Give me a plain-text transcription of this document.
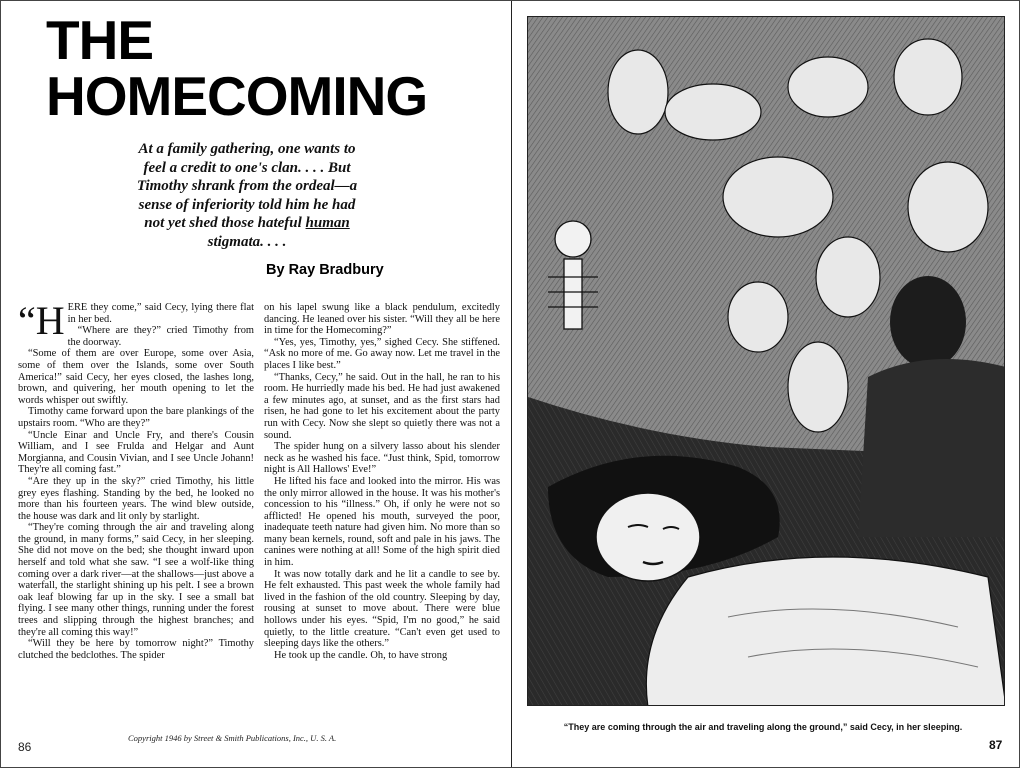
THE
HOMECOMING
At a family gathering, one wants to
feel a credit to one's clan. . . . But
Timothy shrank from the ordeal—a
sense of inferiority told him he had
not yet shed those hateful human
stigmata. . . .
By Ray Bradbury

“HERE they come,” said Cecy, lying there flat in her bed.

“Where are they?” cried Timothy from the doorway.

“Some of them are over Europe, some over Asia, some of them over the Islands, some over South America!” said Cecy, her eyes closed, the lashes long, brown, and quivering, her mouth opening to let the words whisper out swiftly.

Timothy came forward upon the bare plankings of the upstairs room. “Who are they?”

“Uncle Einar and Uncle Fry, and there's Cousin William, and I see Frulda and Helgar and Aunt Morgianna, and Cousin Vivian, and I see Uncle Johann! They're all coming fast.”

“Are they up in the sky?” cried Timothy, his little grey eyes flashing. Standing by the bed, he looked no more than his fourteen years. The wind blew outside, the house was dark and lit only by starlight.

“They're coming through the air and traveling along the ground, in many forms,” said Cecy, in her sleeping. She did not move on the bed; she thought inward upon herself and told what she saw. “I see a wolf-like thing coming over a dark river—at the shallows—just above a waterfall, the starlight shining up his pelt. I see a brown oak leaf blowing far up in the sky. I see a small bat flying. I see many other things, running under the forest trees and slipping through the highest branches; and they're all coming this way!”

“Will they be here by tomorrow night?” Timothy clutched the bedclothes. The spider

on his lapel swung like a black pendulum, excitedly dancing. He leaned over his sister. “Will they all be here in time for the Homecoming?”

“Yes, yes, Timothy, yes,” sighed Cecy. She stiffened. “Ask no more of me. Go away now. Let me travel in the places I like best.”

“Thanks, Cecy,” he said. Out in the hall, he ran to his room. He hurriedly made his bed. He had just awakened a few minutes ago, at sunset, and as the first stars had risen, he had gone to let his excitement about the party run with Cecy. Now she slept so quietly there was not a sound.

The spider hung on a silvery lasso about his slender neck as he washed his face. “Just think, Spid, tomorrow night is All Hallows' Eve!”

He lifted his face and looked into the mirror. His was the only mirror allowed in the house. It was his mother's concession to his “illness.” Oh, if only he were not so afflicted! He opened his mouth, surveyed the poor, inadequate teeth nature had given him. No more than so many bean kernels, round, soft and pale in his jaws. The canines were nothing at all! Some of the high spirit died in him.

It was now totally dark and he lit a candle to see by. He felt exhausted. This past week the whole family had lived in the fashion of the old country. Sleeping by day, rousing at sunset to move about. There were blue hollows under his eyes. “Spid, I'm no good,” he said quietly, to the little creature. “Can't even get used to sleeping days like the others.”

He took up the candle. Oh, to have strong

86
Copyright 1946 by Street & Smith Publications, Inc., U. S. A.
“They are coming through the air and traveling along the ground,” said Cecy, in her sleeping.
87
